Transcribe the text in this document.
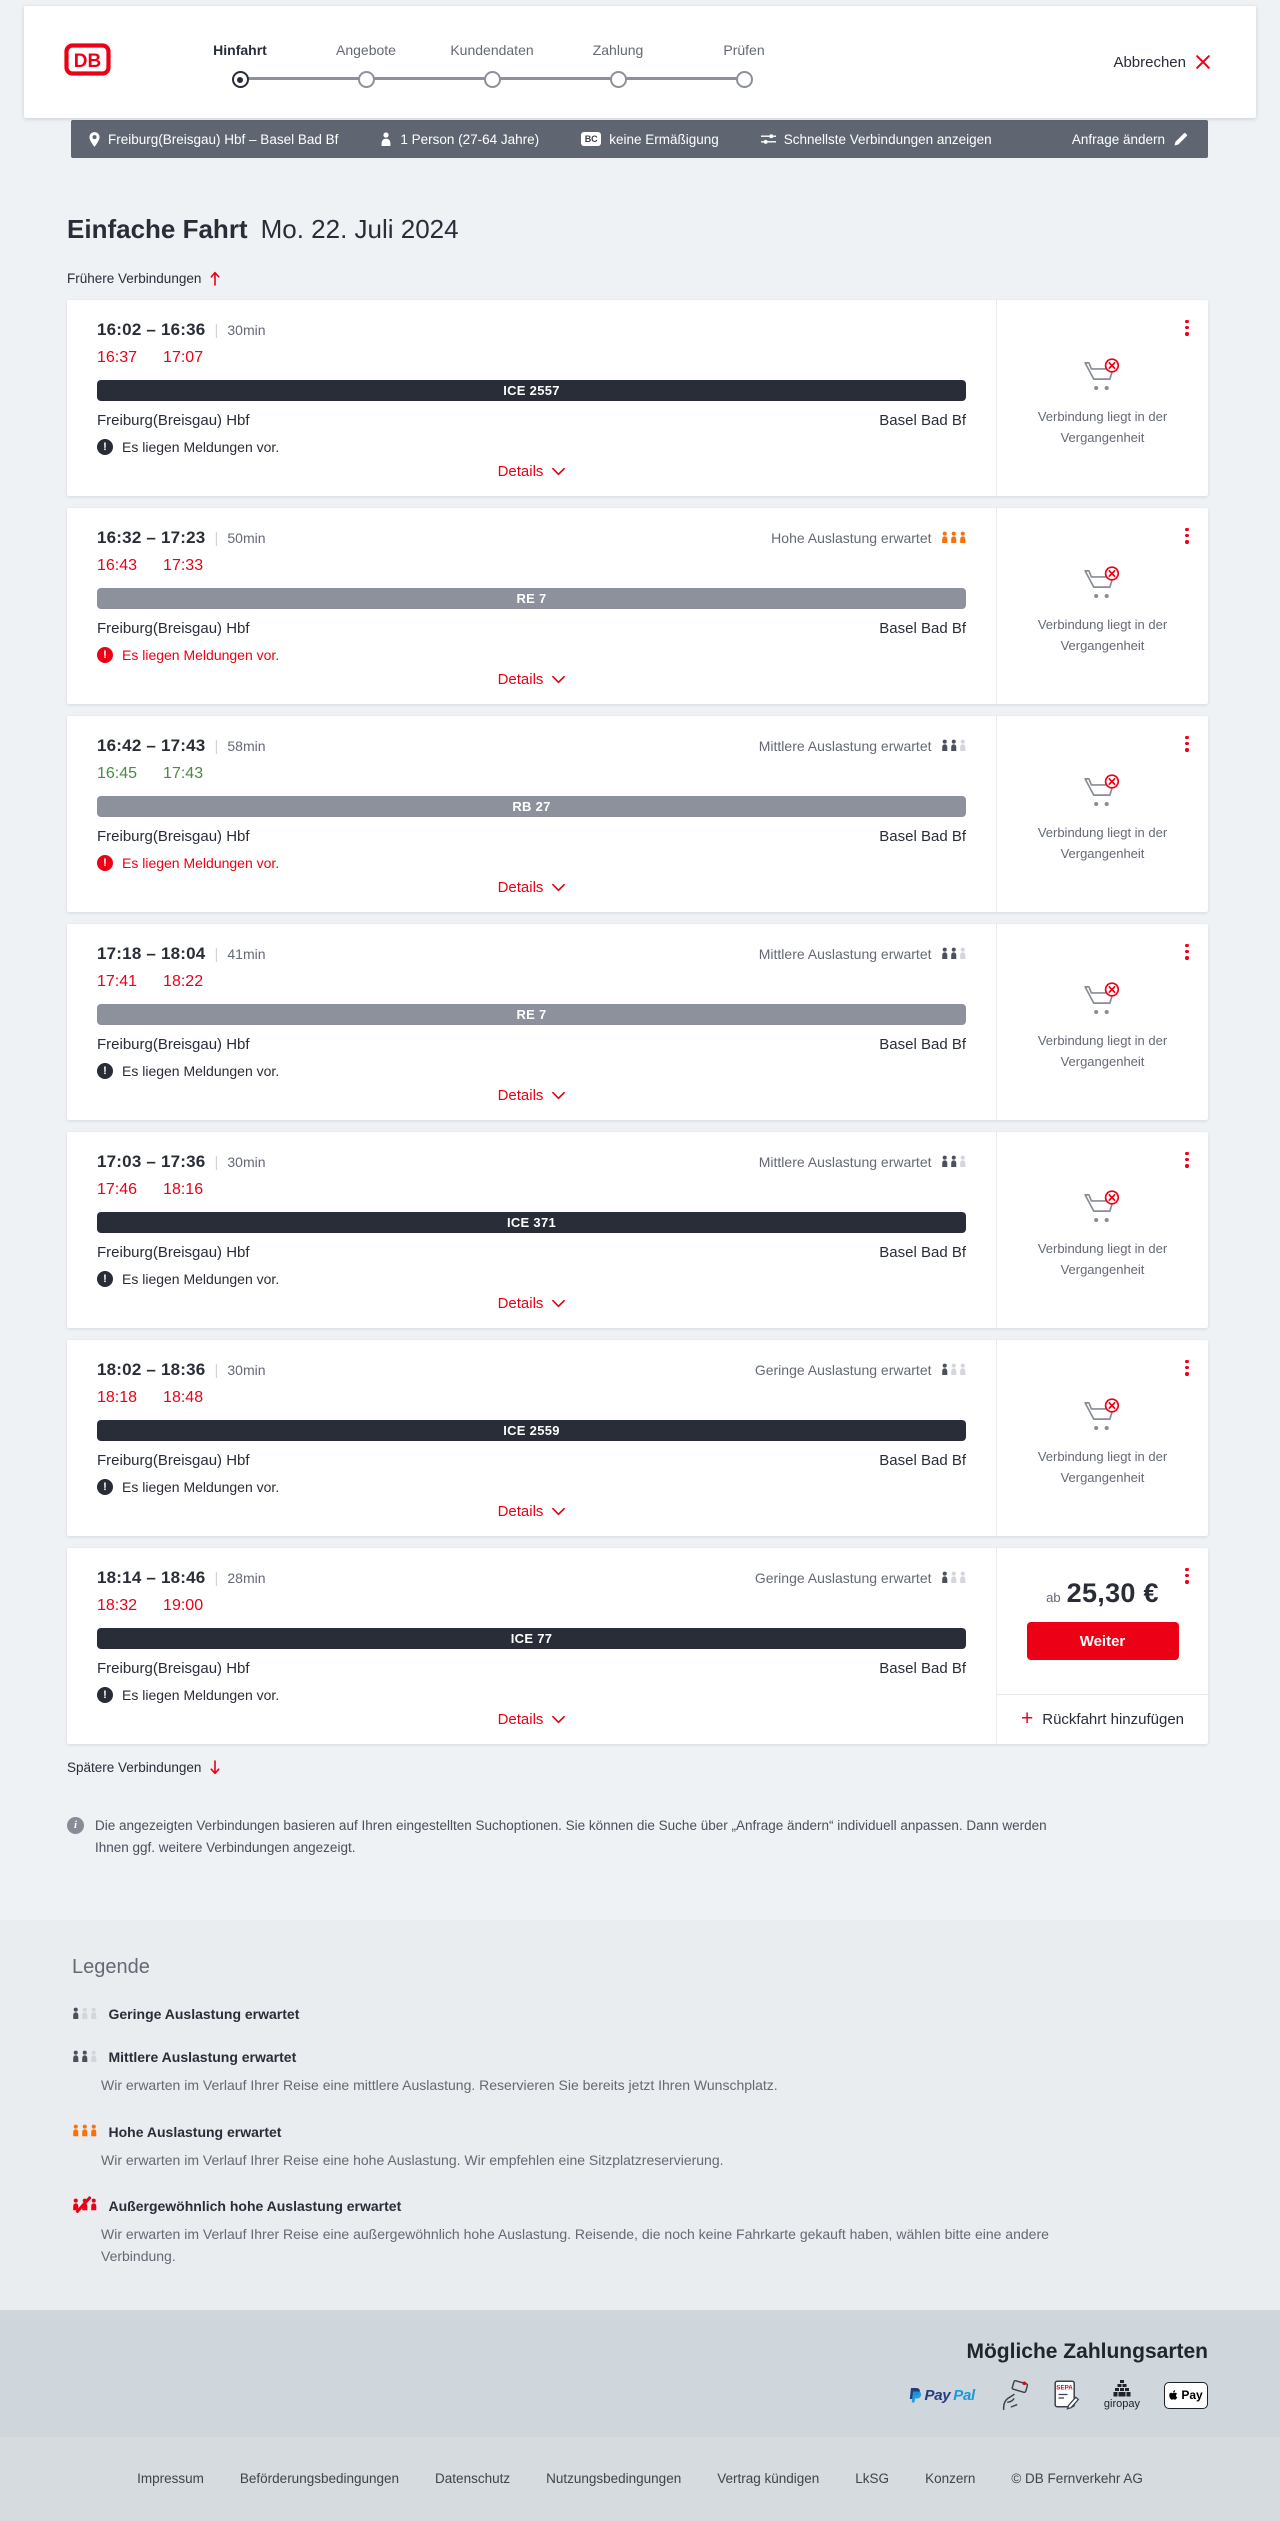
DB
Hinfahrt	Angebote	Kundendaten	Zahlung	Prüfen
Abbrechen
Freiburg(Breisgau) Hbf – Basel Bad Bf	1 Person (27-64 Jahre)	BC keine Ermäßigung	Schnellste Verbindungen anzeigen	Anfrage ändern
Einfache Fahrt Mo. 22. Juli 2024
Frühere Verbindungen
16:02 – 16:36 | 30min
16:37 17:07
ICE 2557
Freiburg(Breisgau) Hbf	Basel Bad Bf
!	Es liegen Meldungen vor.
Details
Verbindung liegt in der Vergangenheit
16:32 – 17:23 | 50min	Hohe Auslastung erwartet
16:43 17:33
RE 7
Freiburg(Breisgau) Hbf	Basel Bad Bf
!	Es liegen Meldungen vor.
Details
Verbindung liegt in der Vergangenheit
16:42 – 17:43 | 58min	Mittlere Auslastung erwartet
16:45 17:43
RB 27
Freiburg(Breisgau) Hbf	Basel Bad Bf
!	Es liegen Meldungen vor.
Details
Verbindung liegt in der Vergangenheit
17:18 – 18:04 | 41min	Mittlere Auslastung erwartet
17:41 18:22
RE 7
Freiburg(Breisgau) Hbf	Basel Bad Bf
!	Es liegen Meldungen vor.
Details
Verbindung liegt in der Vergangenheit
17:03 – 17:36 | 30min	Mittlere Auslastung erwartet
17:46 18:16
ICE 371
Freiburg(Breisgau) Hbf	Basel Bad Bf
!	Es liegen Meldungen vor.
Details
Verbindung liegt in der Vergangenheit
18:02 – 18:36 | 30min	Geringe Auslastung erwartet
18:18 18:48
ICE 2559
Freiburg(Breisgau) Hbf	Basel Bad Bf
!	Es liegen Meldungen vor.
Details
Verbindung liegt in der Vergangenheit
18:14 – 18:46 | 28min	Geringe Auslastung erwartet
18:32 19:00
ICE 77
Freiburg(Breisgau) Hbf	Basel Bad Bf
!	Es liegen Meldungen vor.
Details
ab 25,30 €
Weiter
+ Rückfahrt hinzufügen
Spätere Verbindungen
i	Die angezeigten Verbindungen basieren auf Ihren eingestellten Suchoptionen. Sie können die Suche über „Anfrage ändern“ individuell anpassen. Dann werden Ihnen ggf. weitere Verbindungen angezeigt.
Legende
Geringe Auslastung erwartet
Mittlere Auslastung erwartet

Wir erwarten im Verlauf Ihrer Reise eine mittlere Auslastung. Reservieren Sie bereits jetzt Ihren Wunschplatz.

Hohe Auslastung erwartet

Wir erwarten im Verlauf Ihrer Reise eine hohe Auslastung. Wir empfehlen eine Sitzplatzreservierung.

Außergewöhnlich hohe Auslastung erwartet

Wir erwarten im Verlauf Ihrer Reise eine außergewöhnlich hohe Auslastung. Reisende, die noch keine Fahrkarte gekauft haben, wählen bitte eine andere Verbindung.

Mögliche Zahlungsarten
Pay Pal	SEPA
giropay
Pay
Impressum	Beförderungsbedingungen	Datenschutz	Nutzungsbedingungen	Vertrag kündigen	LkSG	Konzern	© DB Fernverkehr AG
